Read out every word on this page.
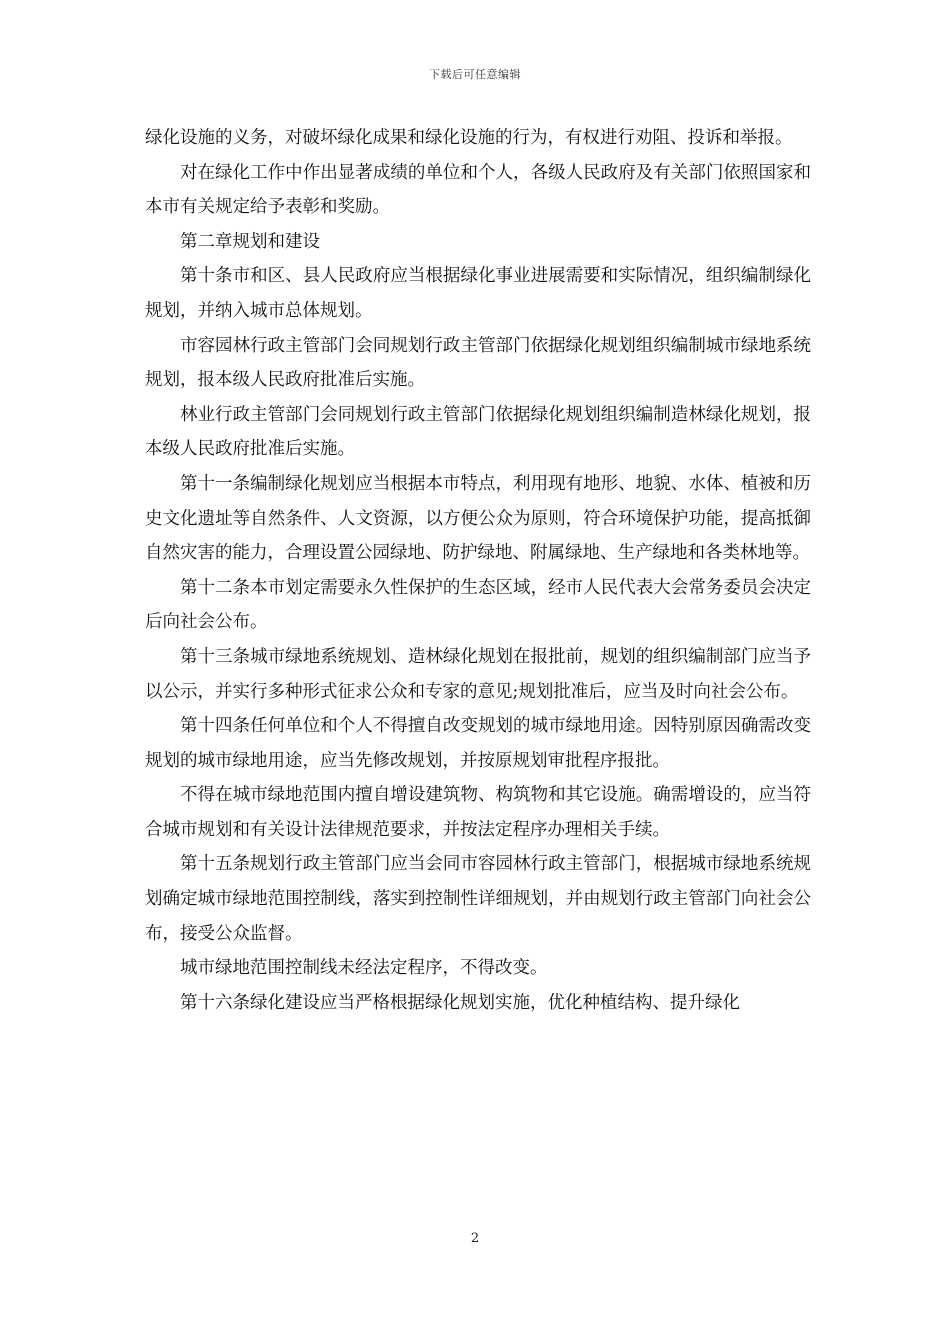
下载后可任意编辑

绿化设施的义务，对破坏绿化成果和绿化设施的行为，有权进行劝阻、投诉和举报。

对在绿化工作中作出显著成绩的单位和个人，各级人民政府及有关部门依照国家和本市有关规定给予表彰和奖励。

第二章规划和建设

第十条市和区、县人民政府应当根据绿化事业进展需要和实际情况，组织编制绿化规划，并纳入城市总体规划。

市容园林行政主管部门会同规划行政主管部门依据绿化规划组织编制城市绿地系统规划，报本级人民政府批准后实施。

林业行政主管部门会同规划行政主管部门依据绿化规划组织编制造林绿化规划，报本级人民政府批准后实施。

第十一条编制绿化规划应当根据本市特点，利用现有地形、地貌、水体、植被和历史文化遗址等自然条件、人文资源，以方便公众为原则，符合环境保护功能，提高抵御自然灾害的能力，合理设置公园绿地、防护绿地、附属绿地、生产绿地和各类林地等。

第十二条本市划定需要永久性保护的生态区域，经市人民代表大会常务委员会决定后向社会公布。

第十三条城市绿地系统规划、造林绿化规划在报批前，规划的组织编制部门应当予以公示，并实行多种形式征求公众和专家的意见;规划批准后，应当及时向社会公布。

第十四条任何单位和个人不得擅自改变规划的城市绿地用途。因特别原因确需改变规划的城市绿地用途，应当先修改规划，并按原规划审批程序报批。

不得在城市绿地范围内擅自增设建筑物、构筑物和其它设施。确需增设的，应当符合城市规划和有关设计法律规范要求，并按法定程序办理相关手续。

第十五条规划行政主管部门应当会同市容园林行政主管部门，根据城市绿地系统规划确定城市绿地范围控制线，落实到控制性详细规划，并由规划行政主管部门向社会公布，接受公众监督。

城市绿地范围控制线未经法定程序，不得改变。

第十六条绿化建设应当严格根据绿化规划实施，优化种植结构、提升绿化

2
